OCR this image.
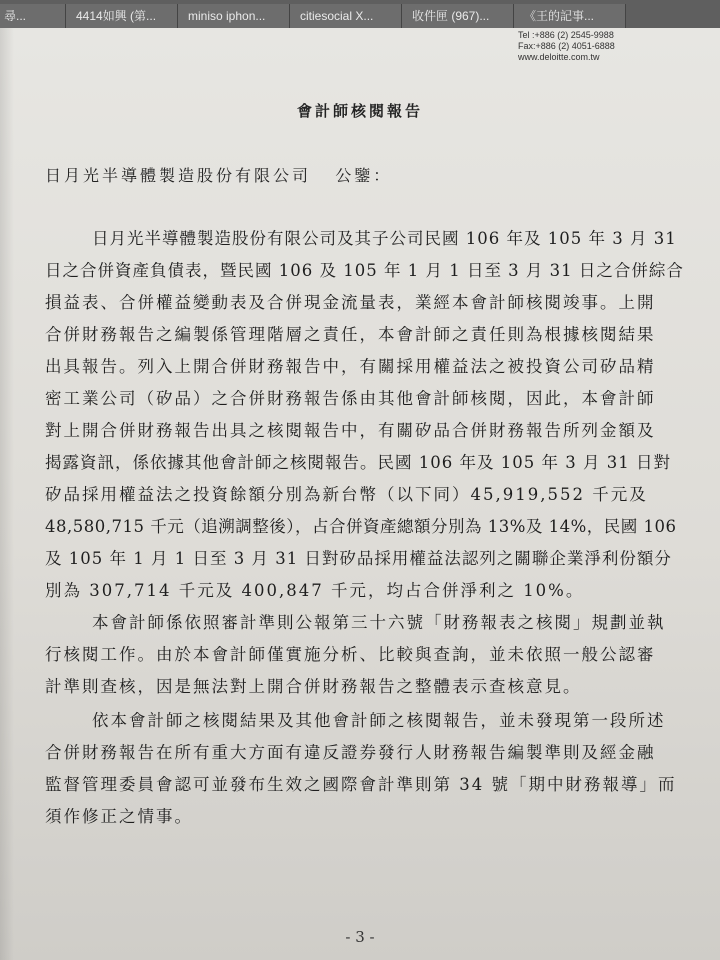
尋...	4414如興 (第...	miniso iphon...	citiesocial X...	收件匣 (967)...	《王的記事...
Tel :+886 (2) 2545-9988
Fax:+886 (2) 4051-6888
www.deloitte.com.tw
會計師核閱報告
日月光半導體製造股份有限公司   公鑒：
日月光半導體製造股份有限公司及其子公司民國 106 年及 105 年 3 月 31
日之合併資產負債表，暨民國 106 及 105 年 1 月 1 日至 3 月 31 日之合併綜合
損益表、合併權益變動表及合併現金流量表，業經本會計師核閱竣事。上開
合併財務報告之編製係管理階層之責任，本會計師之責任則為根據核閱結果
出具報告。列入上開合併財務報告中，有關採用權益法之被投資公司矽品精
密工業公司（矽品）之合併財務報告係由其他會計師核閱，因此，本會計師
對上開合併財務報告出具之核閱報告中，有關矽品合併財務報告所列金額及
揭露資訊，係依據其他會計師之核閱報告。民國 106 年及 105 年 3 月 31 日對
矽品採用權益法之投資餘額分別為新台幣（以下同）45,919,552 千元及
48,580,715 千元（追溯調整後），占合併資產總額分別為 13%及 14%，民國 106
及 105 年 1 月 1 日至 3 月 31 日對矽品採用權益法認列之關聯企業淨利份額分
別為 307,714 千元及 400,847 千元，均占合併淨利之 10%。
本會計師係依照審計準則公報第三十六號「財務報表之核閱」規劃並執
行核閱工作。由於本會計師僅實施分析、比較與查詢，並未依照一般公認審
計準則查核，因是無法對上開合併財務報告之整體表示查核意見。
依本會計師之核閱結果及其他會計師之核閱報告，並未發現第一段所述
合併財務報告在所有重大方面有違反證券發行人財務報告編製準則及經金融
監督管理委員會認可並發布生效之國際會計準則第 34 號「期中財務報導」而
須作修正之情事。
- 3 -
